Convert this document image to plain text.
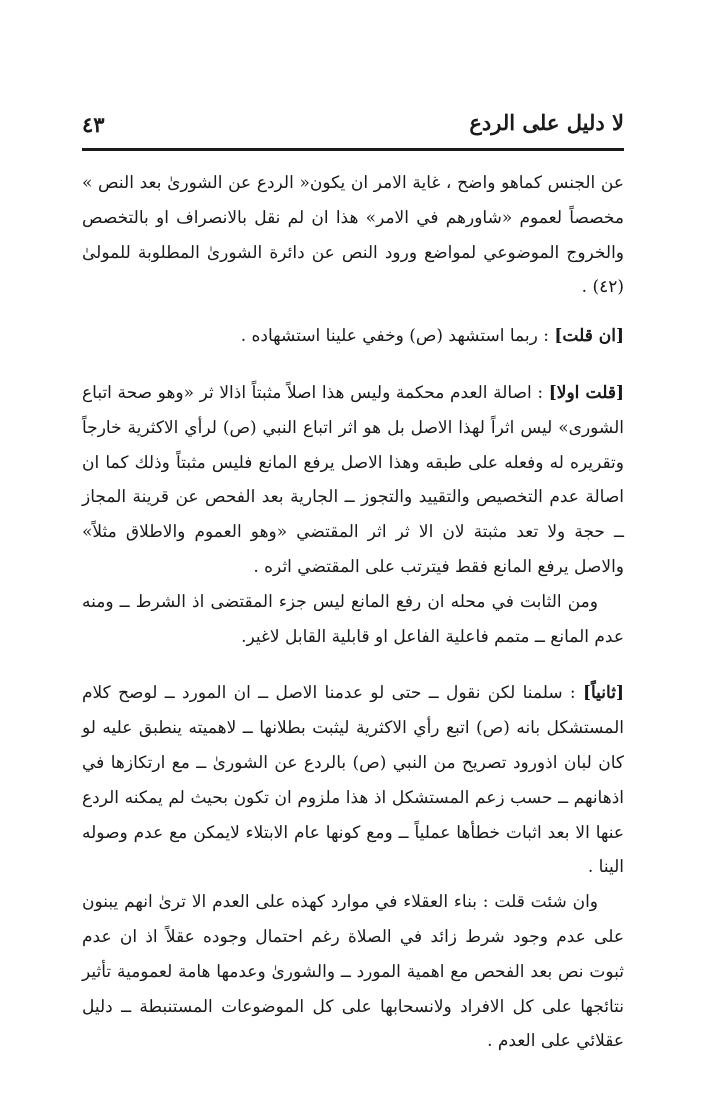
لا دليل على الردع
٤٣

عن الجنس كماهو واضح ، غاية الامر ان يكون« الردع عن الشورىٰ بعد النص » مخصصاً لعموم «شاورهم في الامر» هذا ان لم نقل بالانصراف او بالتخصص والخروج الموضوعي لمواضع ورود النص عن دائرة الشورىٰ المطلوبة للمولىٰ (٤٢) .

[ان قلت] : ربما استشهد (ص) وخفي علينا استشهاده .

[قلت اولا] : اصالة العدم محكمة وليس هذا اصلاً مثبتاً اذالا ثر «وهو صحة اتباع الشورى» ليس اثراً لهذا الاصل بل هو اثر اتباع النبي (ص) لرأي الاكثرية خارجاً وتقريره له وفعله على طبقه وهذا الاصل يرفع المانع فليس مثبتاً وذلك كما ان اصالة عدم التخصيص والتقييد والتجوز ــ الجارية بعد الفحص عن قرينة المجاز ــ حجة ولا تعد مثبتة لان الا ثر اثر المقتضي «وهو العموم والاطلاق مثلاً» والاصل يرفع المانع فقط فيترتب على المقتضي اثره .

ومن الثابت في محله ان رفع المانع ليس جزء المقتضى اذ الشرط ــ ومنه عدم المانع ــ متمم فاعلية الفاعل او قابلية القابل لاغير.

[ثانياً] : سلمنا لكن نقول ــ حتى لو عدمنا الاصل ــ ان المورد ــ لوصح كلام المستشكل بانه (ص) اتبع رأي الاكثرية ليثبت بطلانها ــ لاهميته ينطبق عليه لو كان لبان اذورود تصريح من النبي (ص) بالردع عن الشورىٰ ــ مع ارتكازها في اذهانهم ــ حسب زعم المستشكل اذ هذا ملزوم ان تكون بحيث لم يمكنه الردع عنها الا بعد اثبات خطأها عملياً ــ ومع كونها عام الابتلاء لايمكن مع عدم وصوله الينا .

وان شئت قلت : بناء العقلاء في موارد كهذه على العدم الا ترىٰ انهم يبنون على عدم وجود شرط زائد في الصلاة رغم احتمال وجوده عقلاً اذ ان عدم ثبوت نص بعد الفحص مع اهمية المورد ــ والشورىٰ وعدمها هامة لعمومية تأثير نتائجها على كل الافراد ولانسحابها على كل الموضوعات المستنبطة ــ دليل عقلائي على العدم .
